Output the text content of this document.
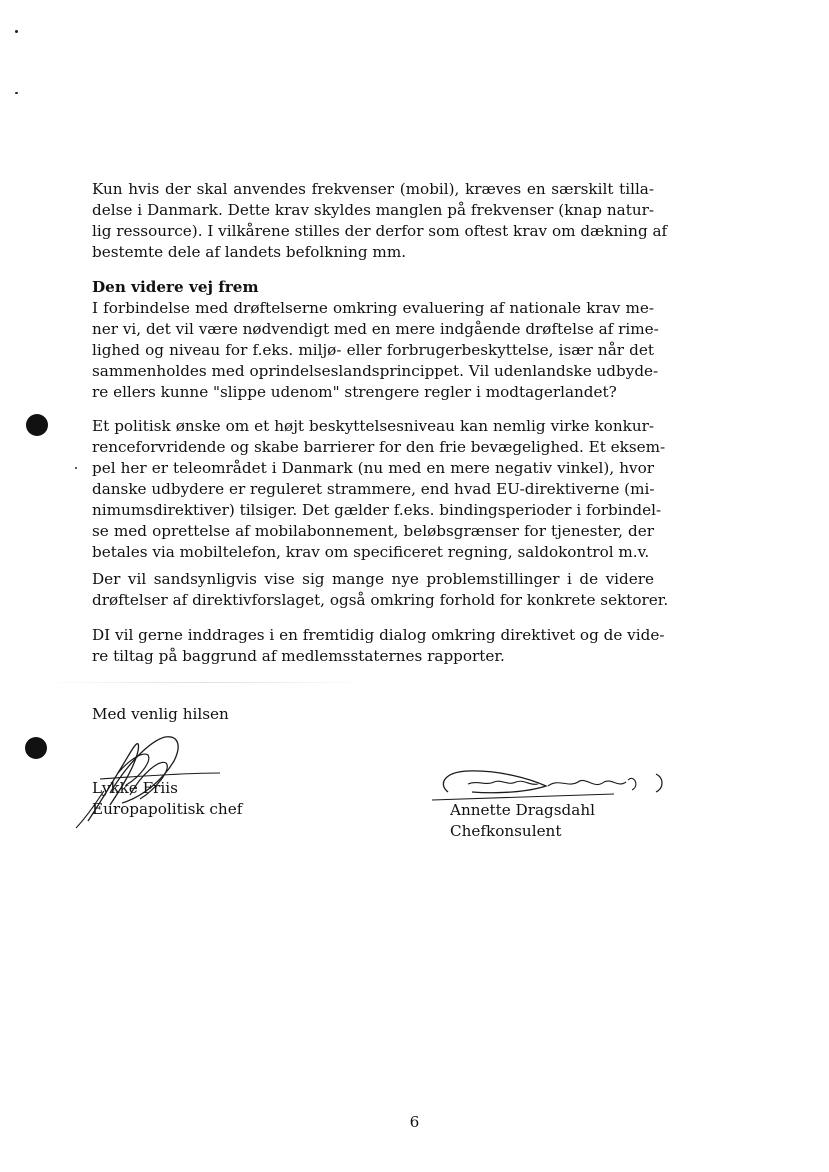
Kun hvis der skal anvendes frekvenser (mobil), kræves en særskilt tilla-
delse i Danmark. Dette krav skyldes manglen på frekvenser (knap natur-
lig ressource). I vilkårene stilles der derfor som oftest krav om dækning af
bestemte dele af landets befolkning mm.
Den videre vej frem
I forbindelse med drøftelserne omkring evaluering af nationale krav me-
ner vi, det vil være nødvendigt med en mere indgående drøftelse af rime-
lighed og niveau for f.eks. miljø- eller forbrugerbeskyttelse, især når det
sammenholdes med oprindelseslandsprincippet. Vil udenlandske udbyde-
re ellers kunne "slippe udenom" strengere regler i modtagerlandet?
Et politisk ønske om et højt beskyttelsesniveau kan nemlig virke konkur-
renceforvridende og skabe barrierer for den frie bevægelighed. Et eksem-
pel her er teleområdet i Danmark (nu med en mere negativ vinkel), hvor
danske udbydere er reguleret strammere, end hvad EU-direktiverne (mi-
nimumsdirektiver) tilsiger. Det gælder f.eks. bindingsperioder i forbindel-
se med oprettelse af mobilabonnement, beløbsgrænser for tjenester, der
betales via mobiltelefon, krav om specificeret regning, saldokontrol m.v.
Der vil sandsynligvis vise sig mange nye problemstillinger i de videre
drøftelser af direktivforslaget, også omkring forhold for konkrete sektorer.
DI vil gerne inddrages i en fremtidig dialog omkring direktivet og de vide-
re tiltag på baggrund af medlemsstaternes rapporter.
Med venlig hilsen
Lykke Friis
Europapolitisk chef	Annette Dragsdahl
Chefkonsulent
6
